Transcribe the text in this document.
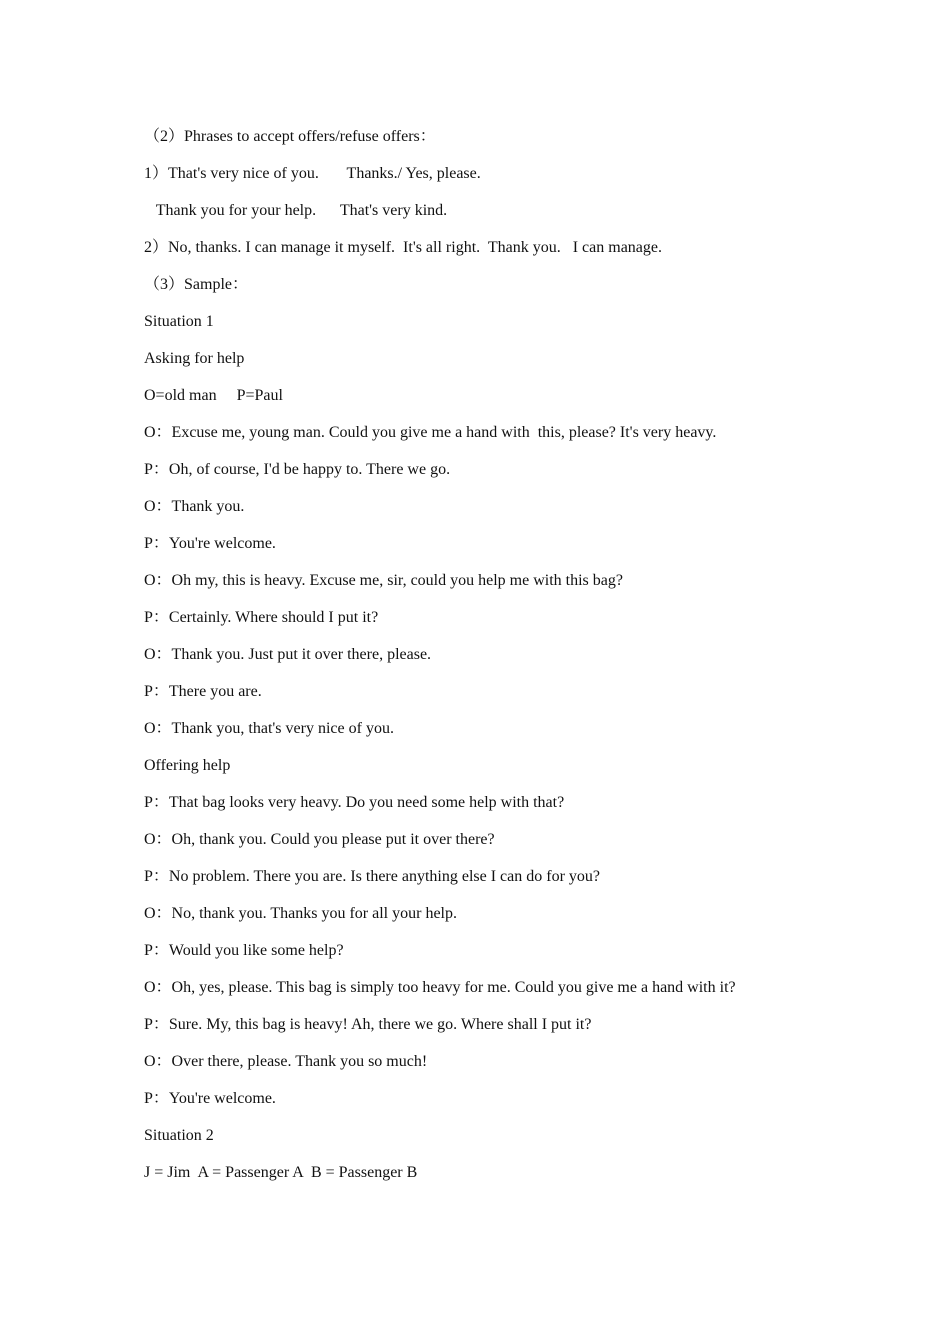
（2）Phrases to accept offers/refuse offers：
1）That's very nice of you.       Thanks./ Yes, please.
Thank you for your help.      That's very kind.
2）No, thanks. I can manage it myself.  It's all right.  Thank you.   I can manage.
（3）Sample：
Situation 1
Asking for help
O=old man     P=Paul
O：Excuse me, young man. Could you give me a hand with  this, please? It's very heavy.
P：Oh, of course, I'd be happy to. There we go.
O：Thank you.
P：You're welcome.
O：Oh my, this is heavy. Excuse me, sir, could you help me with this bag?
P：Certainly. Where should I put it?
O：Thank you. Just put it over there, please.
P：There you are.
O：Thank you, that's very nice of you.
Offering help
P：That bag looks very heavy. Do you need some help with that?
O：Oh, thank you. Could you please put it over there?
P：No problem. There you are. Is there anything else I can do for you?
O：No, thank you. Thanks you for all your help.
P：Would you like some help?
O：Oh, yes, please. This bag is simply too heavy for me. Could you give me a hand with it?
P：Sure. My, this bag is heavy! Ah, there we go. Where shall I put it?
O：Over there, please. Thank you so much!
P：You're welcome.
Situation 2
J = Jim  A = Passenger A  B = Passenger B
